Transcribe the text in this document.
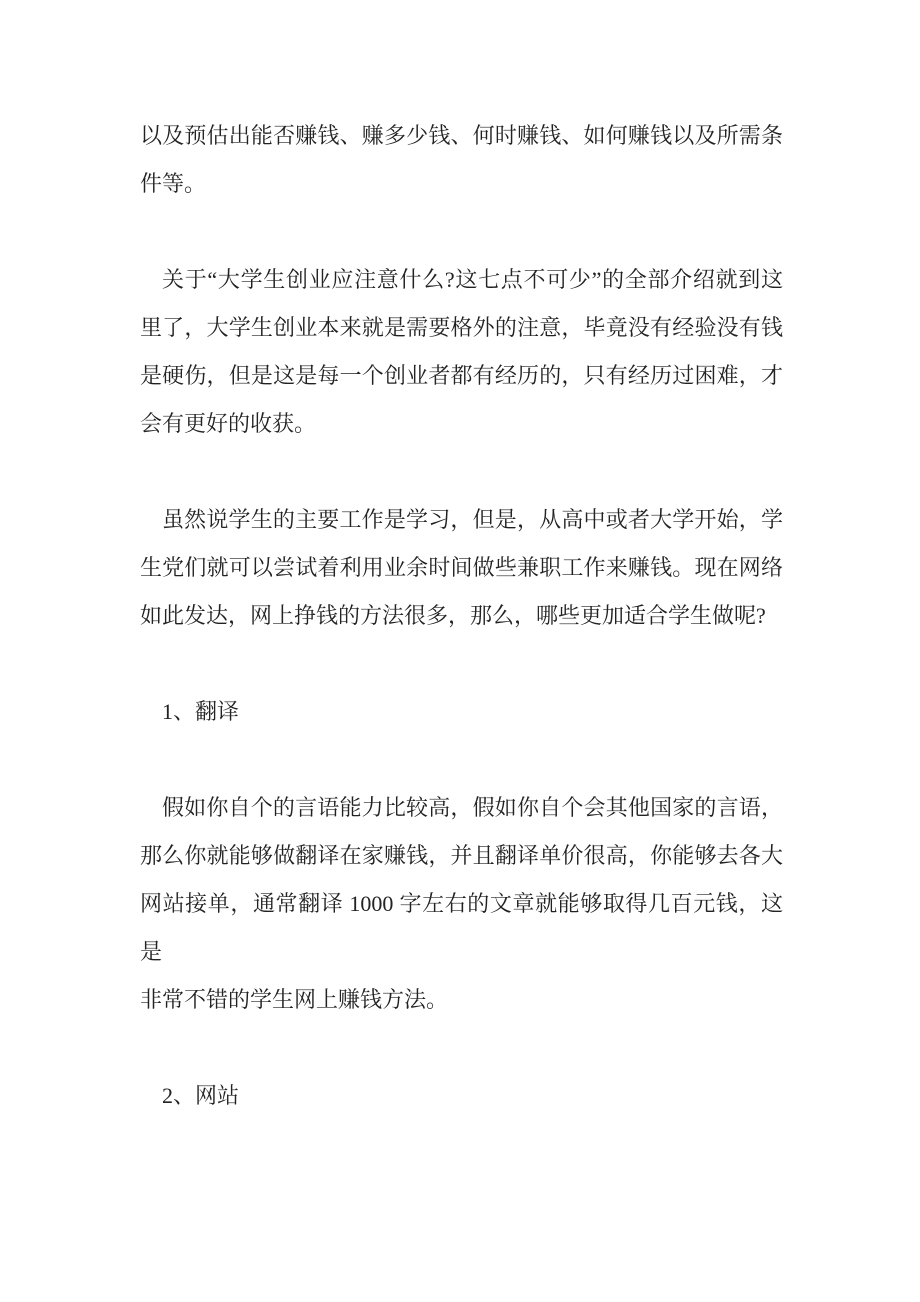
以及预估出能否赚钱、赚多少钱、何时赚钱、如何赚钱以及所需条
件等。
关于“大学生创业应注意什么?这七点不可少”的全部介绍就到这
里了，大学生创业本来就是需要格外的注意，毕竟没有经验没有钱
是硬伤，但是这是每一个创业者都有经历的，只有经历过困难，才
会有更好的收获。
虽然说学生的主要工作是学习，但是，从高中或者大学开始，学
生党们就可以尝试着利用业余时间做些兼职工作来赚钱。现在网络
如此发达，网上挣钱的方法很多，那么，哪些更加适合学生做呢?
1、翻译
假如你自个的言语能力比较高，假如你自个会其他国家的言语，
那么你就能够做翻译在家赚钱，并且翻译单价很高，你能够去各大
网站接单，通常翻译 1000 字左右的文章就能够取得几百元钱，这是
非常不错的学生网上赚钱方法。
2、网站
